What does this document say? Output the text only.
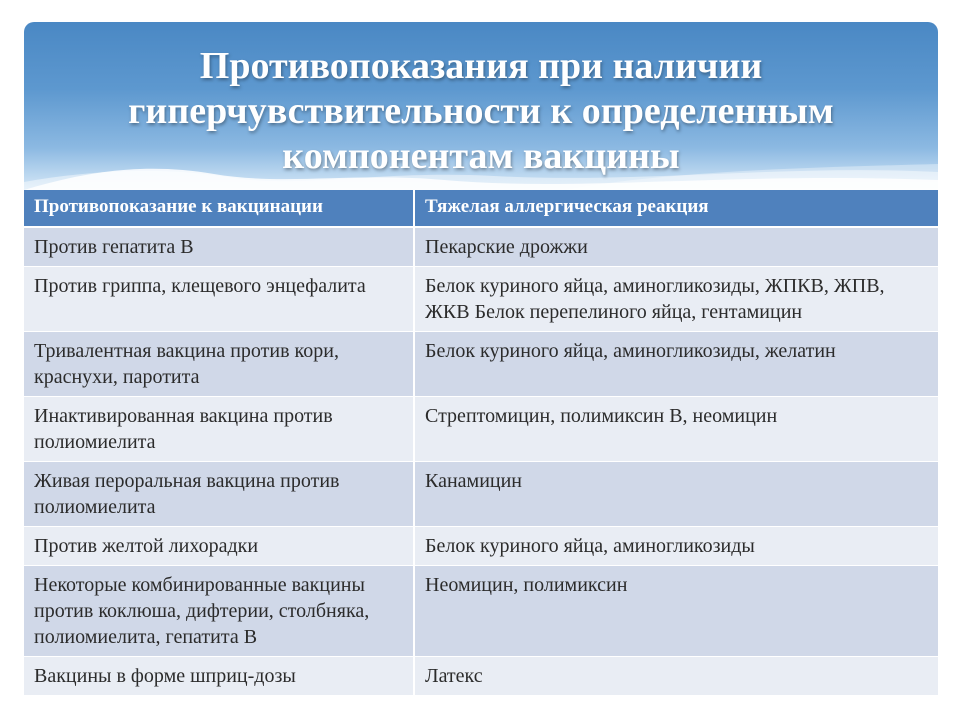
Противопоказания при наличии гиперчувствительности к определенным компонентам вакцины
Противопоказание к вакцинации	Тяжелая аллергическая реакция
Против гепатита В	Пекарские дрожжи
Против гриппа, клещевого энцефалита	Белок куриного яйца, аминогликозиды, ЖПКВ, ЖПВ, ЖКВ Белок перепелиного яйца, гентамицин
Тривалентная вакцина против кори, краснухи, паротита	Белок куриного яйца, аминогликозиды, желатин
Инактивированная вакцина против полиомиелита	Стрептомицин, полимиксин В, неомицин
Живая пероральная вакцина против полиомиелита	Канамицин
Против желтой лихорадки	Белок куриного яйца, аминогликозиды
Некоторые комбинированные вакцины против коклюша, дифтерии, столбняка, полиомиелита, гепатита В	Неомицин, полимиксин
Вакцины в форме шприц-дозы	Латекс
